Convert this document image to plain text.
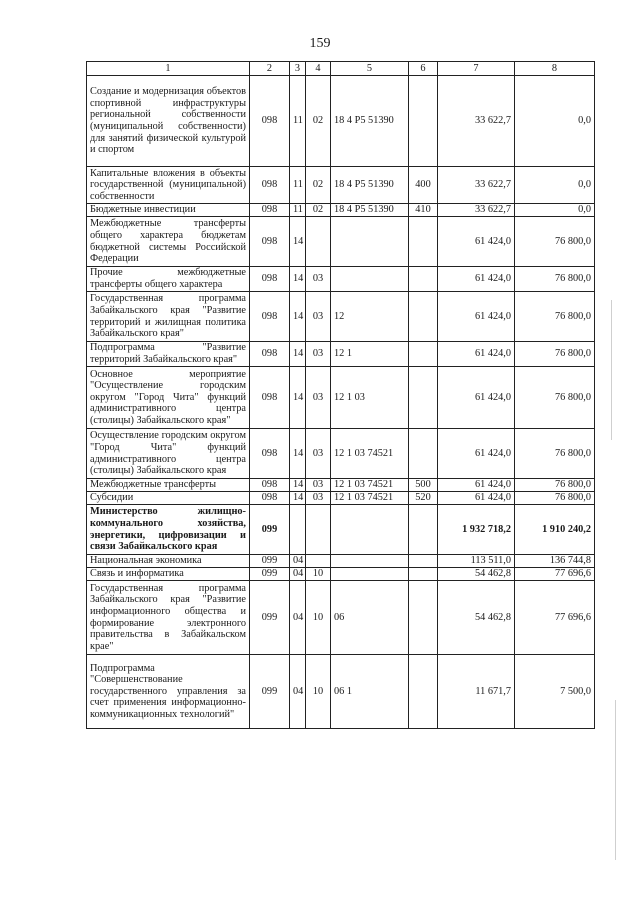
159
1	2	3	4	5	6	7	8
Создание и модернизация объектов спортивной инфраструктуры региональной собственности (муниципальной собственности) для занятий физической культурой и спортом	098	11	02	18 4 P5 51390		33 622,7	0,0
Капитальные вложения в объекты государственной (муниципальной) собственности	098	11	02	18 4 P5 51390	400	33 622,7	0,0
Бюджетные инвестиции	098	11	02	18 4 P5 51390	410	33 622,7	0,0
Межбюджетные трансферты общего характера бюджетам бюджетной системы Российской Федерации	098	14				61 424,0	76 800,0
Прочие межбюджетные трансферты общего характера	098	14	03			61 424,0	76 800,0
Государственная программа Забайкальского края "Развитие территорий и жилищная политика Забайкальского края"	098	14	03	12		61 424,0	76 800,0
Подпрограмма "Развитие территорий Забайкальского края"	098	14	03	12 1		61 424,0	76 800,0
Основное мероприятие "Осуществление городским округом "Город Чита" функций административного центра (столицы) Забайкальского края"	098	14	03	12 1 03		61 424,0	76 800,0
Осуществление городским округом "Город Чита" функций административного центра (столицы) Забайкальского края	098	14	03	12 1 03 74521		61 424,0	76 800,0
Межбюджетные трансферты	098	14	03	12 1 03 74521	500	61 424,0	76 800,0
Субсидии	098	14	03	12 1 03 74521	520	61 424,0	76 800,0
Министерство жилищно-коммунального хозяйства, энергетики, цифровизации и связи Забайкальского края	099					1 932 718,2	1 910 240,2
Национальная экономика	099	04				113 511,0	136 744,8
Связь и информатика	099	04	10			54 462,8	77 696,6
Государственная программа Забайкальского края "Развитие информационного общества и формирование электронного правительства в Забайкальском крае"	099	04	10	06		54 462,8	77 696,6
Подпрограмма "Совершенствование государственного управления за счет применения информационно-коммуникационных технологий"	099	04	10	06 1		11 671,7	7 500,0
